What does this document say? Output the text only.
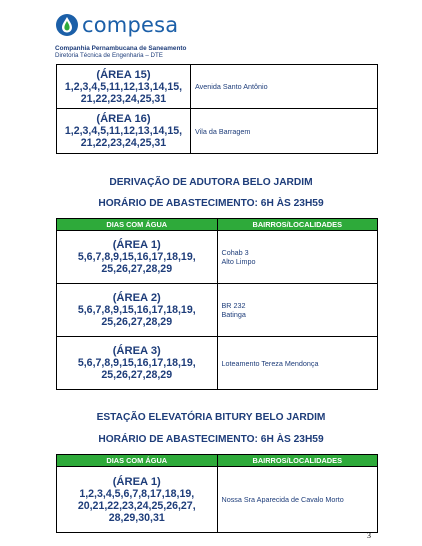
compesa
Companhia Pernambucana de Saneamento
Diretoria Técnica de Engenharia – DTE
(ÁREA 15)
1,2,3,4,5,11,12,13,14,15, 21,22,23,24,25,31	Avenida Santo Antônio

(ÁREA 16)
1,2,3,4,5,11,12,13,14,15, 21,22,23,24,25,31	Vila da Barragem
DERIVAÇÃO DE ADUTORA BELO JARDIM
HORÁRIO DE ABASTECIMENTO: 6H ÀS 23H59
DIAS COM ÁGUA	BAIRROS/LOCALIDADES

(ÁREA 1)
5,6,7,8,9,15,16,17,18,19, 25,26,27,28,29	Cohab 3
Alto Limpo

(ÁREA 2)
5,6,7,8,9,15,16,17,18,19, 25,26,27,28,29	BR 232
Batinga

(ÁREA 3)
5,6,7,8,9,15,16,17,18,19, 25,26,27,28,29	Loteamento Tereza Mendonça
ESTAÇÃO ELEVATÓRIA BITURY BELO JARDIM
HORÁRIO DE ABASTECIMENTO: 6H ÀS 23H59
DIAS COM ÁGUA	BAIRROS/LOCALIDADES

(ÁREA 1)
1,2,3,4,5,6,7,8,17,18,19, 20,21,22,23,24,25,26,27, 28,29,30,31	Nossa Sra Aparecida de Cavalo Morto
3
